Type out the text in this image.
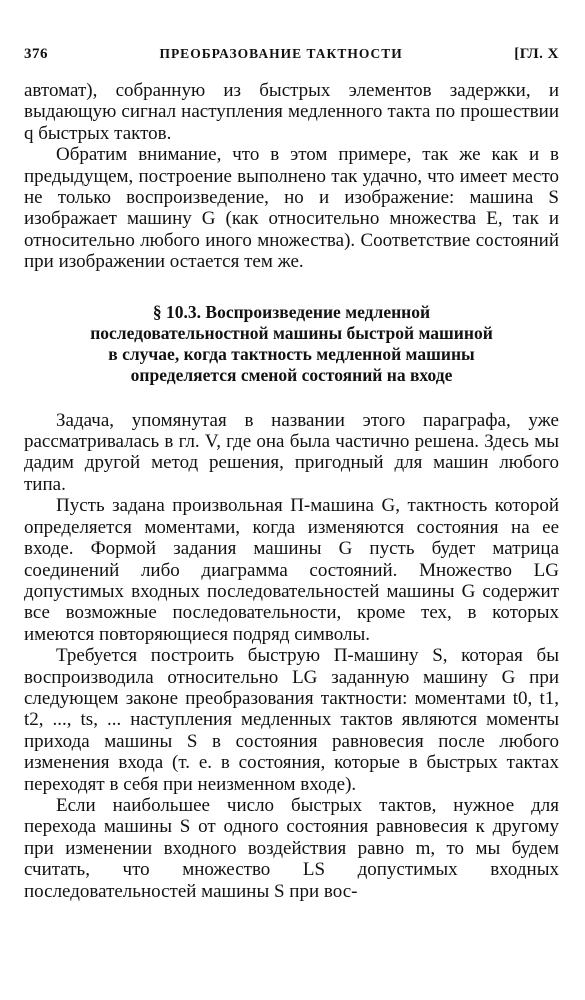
376	ПРЕОБРАЗОВАНИЕ ТАКТНОСТИ	[ГЛ. X

автомат), собранную из быстрых элементов задержки, и выдающую сигнал наступления медленного такта по прошествии q быстрых тактов.

Обратим внимание, что в этом примере, так же как и в предыдущем, построение выполнено так удачно, что имеет место не только воспроизведение, но и изображение: машина S изображает машину G (как относительно множества E, так и относительно любого иного множества). Соответствие состояний при изображении остается тем же.

§ 10.3. Воспроизведение медленной
последовательностной машины быстрой машиной
в случае, когда тактность медленной машины
определяется сменой состояний на входе

Задача, упомянутая в названии этого параграфа, уже рассматривалась в гл. V, где она была частично решена. Здесь мы дадим другой метод решения, пригодный для машин любого типа.

Пусть задана произвольная П-машина G, тактность которой определяется моментами, когда изменяются состояния на ее входе. Формой задания машины G пусть будет матрица соединений либо диаграмма состояний. Множество LG допустимых входных последовательностей машины G содержит все возможные последовательности, кроме тех, в которых имеются повторяющиеся подряд символы.

Требуется построить быструю П-машину S, которая бы воспроизводила относительно LG заданную машину G при следующем законе преобразования тактности: моментами t0, t1, t2, ..., ts, ... наступления медленных тактов являются моменты прихода машины S в состояния равновесия после любого изменения входа (т. е. в состояния, которые в быстрых тактах переходят в себя при неизменном входе).

Если наибольшее число быстрых тактов, нужное для перехода машины S от одного состояния равновесия к другому при изменении входного воздействия равно m, то мы будем считать, что множество LS допустимых входных последовательностей машины S при вос-
